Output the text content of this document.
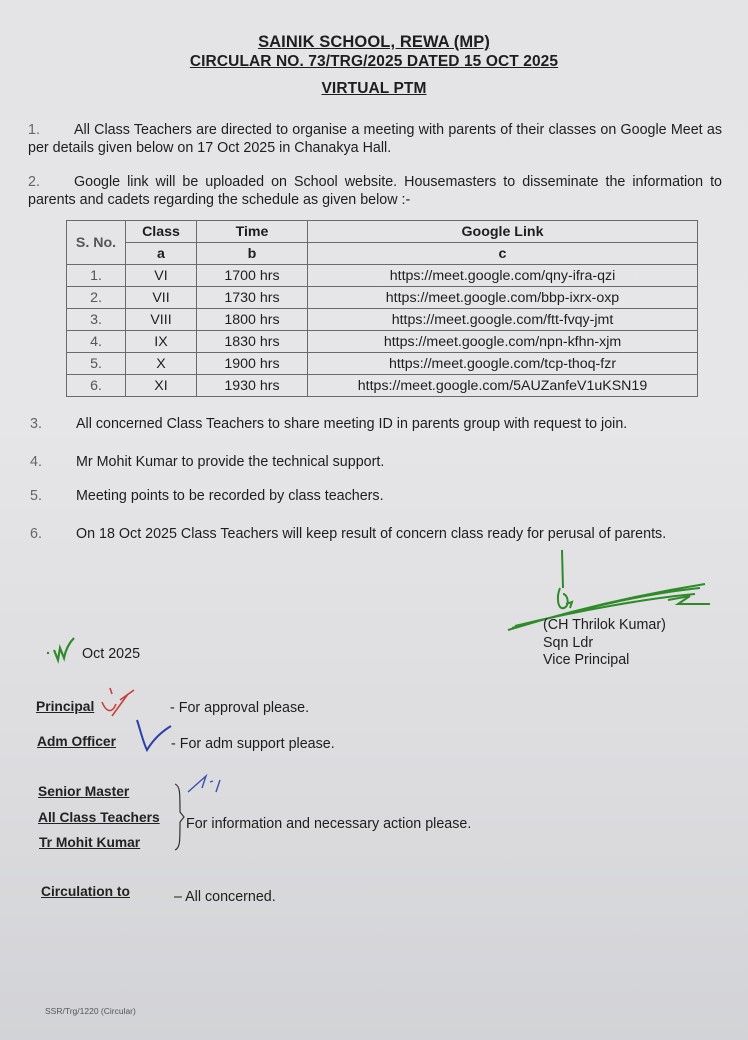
SAINIK SCHOOL, REWA (MP)
CIRCULAR NO. 73/TRG/2025 DATED 15 OCT 2025
VIRTUAL PTM
1. All Class Teachers are directed to organise a meeting with parents of their classes on Google Meet as per details given below on 17 Oct 2025 in Chanakya Hall.
2. Google link will be uploaded on School website. Housemasters to disseminate the information to parents and cadets regarding the schedule as given below :-
S. No.	Class	Time	Google Link
	a	b	c
1.	VI	1700 hrs	https://meet.google.com/qny-ifra-qzi
2.	VII	1730 hrs	https://meet.google.com/bbp-ixrx-oxp
3.	VIII	1800 hrs	https://meet.google.com/ftt-fvqy-jmt
4.	IX	1830 hrs	https://meet.google.com/npn-kfhn-xjm
5.	X	1900 hrs	https://meet.google.com/tcp-thoq-fzr
6.	XI	1930 hrs	https://meet.google.com/5AUZanfeV1uKSN19
3. All concerned Class Teachers to share meeting ID in parents group with request to join.
4. Mr Mohit Kumar to provide the technical support.
5. Meeting points to be recorded by class teachers.
6. On 18 Oct 2025 Class Teachers will keep result of concern class ready for perusal of parents.
(CH Thrilok Kumar)
Sqn Ldr
Vice Principal
Oct 2025
Principal	- For approval please.
Adm Officer	- For adm support please.
Senior Master
All Class Teachers
Tr Mohit Kumar
For information and necessary action please.
Circulation to	– All concerned.
SSR/Trg/1220 (Circular)
